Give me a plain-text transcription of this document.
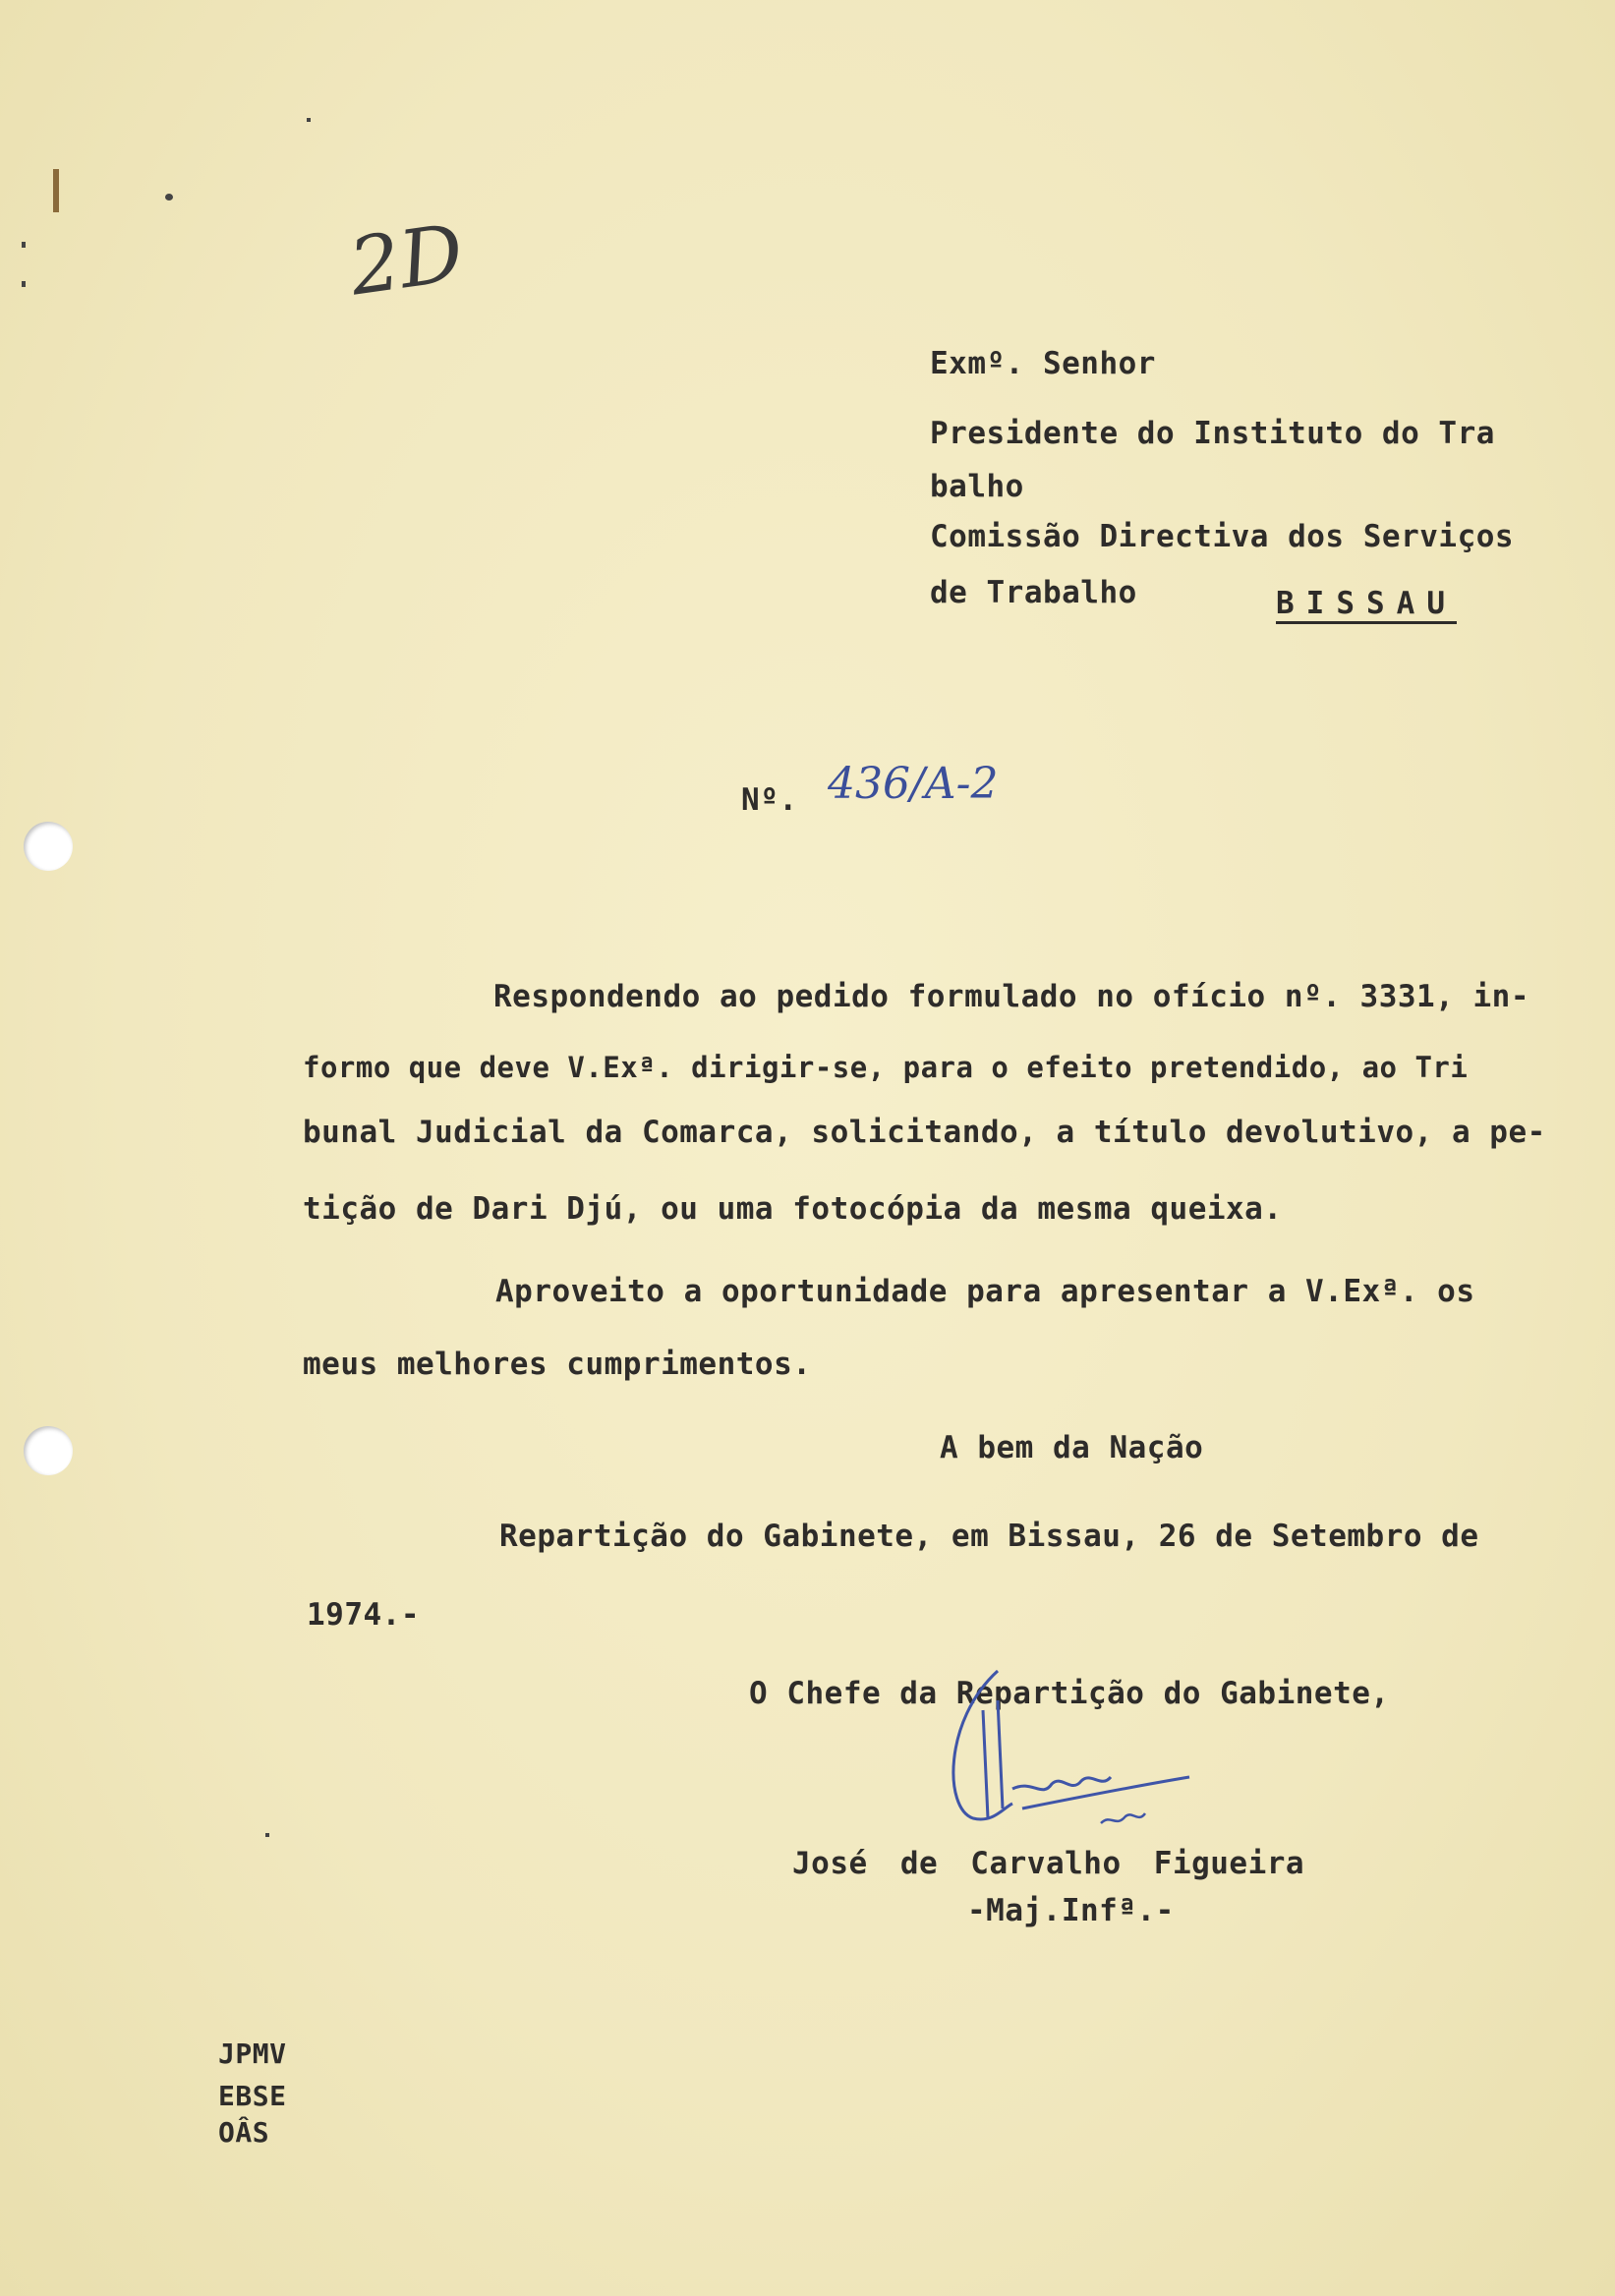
2D
Exmº. Senhor
Presidente do Instituto do Tra
balho
Comissão Directiva dos Serviços
de Trabalho	BISSAU
Nº. 436/A-2
Respondendo ao pedido formulado no ofício nº. 3331, in-
formo que deve V.Exª. dirigir-se, para o efeito pretendido, ao Tri
bunal Judicial da Comarca, solicitando, a título devolutivo, a pe-
tição de Dari Djú, ou uma fotocópia da mesma queixa.
Aproveito a oportunidade para apresentar a V.Exª. os
meus melhores cumprimentos.
A bem da Nação
Repartição do Gabinete, em Bissau, 26 de Setembro de
1974.-
O Chefe da Repartição do Gabinete,
José de Carvalho Figueira
-Maj.Infª.-
JPMV
EBSE
OÂS
